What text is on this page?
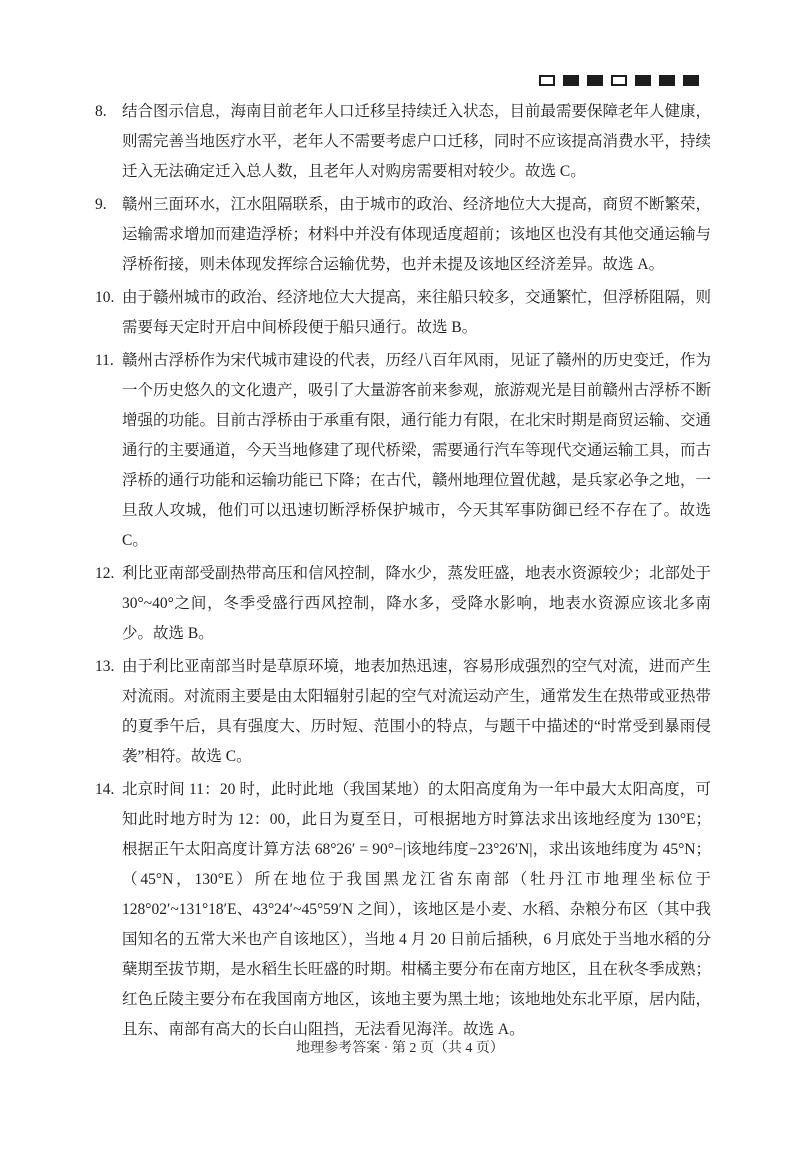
8. 结合图示信息，海南目前老年人口迁移呈持续迁入状态，目前最需要保障老年人健康，则需完善当地医疗水平，老年人不需要考虑户口迁移，同时不应该提高消费水平，持续迁入无法确定迁入总人数，且老年人对购房需要相对较少。故选 C。

9. 赣州三面环水，江水阻隔联系，由于城市的政治、经济地位大大提高，商贸不断繁荣，运输需求增加而建造浮桥；材料中并没有体现适度超前；该地区也没有其他交通运输与浮桥衔接，则未体现发挥综合运输优势，也并未提及该地区经济差异。故选 A。

10. 由于赣州城市的政治、经济地位大大提高，来往船只较多，交通繁忙，但浮桥阻隔，则需要每天定时开启中间桥段便于船只通行。故选 B。

11. 赣州古浮桥作为宋代城市建设的代表，历经八百年风雨，见证了赣州的历史变迁，作为一个历史悠久的文化遗产，吸引了大量游客前来参观，旅游观光是目前赣州古浮桥不断增强的功能。目前古浮桥由于承重有限，通行能力有限，在北宋时期是商贸运输、交通通行的主要通道，今天当地修建了现代桥梁，需要通行汽车等现代交通运输工具，而古浮桥的通行功能和运输功能已下降；在古代，赣州地理位置优越，是兵家必争之地，一旦敌人攻城，他们可以迅速切断浮桥保护城市，今天其军事防御已经不存在了。故选 C。

12. 利比亚南部受副热带高压和信风控制，降水少，蒸发旺盛，地表水资源较少；北部处于 30°~40°之间，冬季受盛行西风控制，降水多，受降水影响，地表水资源应该北多南少。故选 B。

13. 由于利比亚南部当时是草原环境，地表加热迅速，容易形成强烈的空气对流，进而产生对流雨。对流雨主要是由太阳辐射引起的空气对流运动产生，通常发生在热带或亚热带的夏季午后，具有强度大、历时短、范围小的特点，与题干中描述的“时常受到暴雨侵袭”相符。故选 C。

14. 北京时间 11：20 时，此时此地（我国某地）的太阳高度角为一年中最大太阳高度，可知此时地方时为 12：00，此日为夏至日，可根据地方时算法求出该地经度为 130°E；根据正午太阳高度计算方法 68°26′ = 90°−|该地纬度−23°26′N|，求出该地纬度为 45°N；（45°N，130°E）所在地位于我国黑龙江省东南部（牡丹江市地理坐标位于 128°02′~131°18′E、43°24′~45°59′N 之间），该地区是小麦、水稻、杂粮分布区（其中我国知名的五常大米也产自该地区），当地 4 月 20 日前后插秧，6 月底处于当地水稻的分蘖期至拔节期，是水稻生长旺盛的时期。柑橘主要分布在南方地区，且在秋冬季成熟；红色丘陵主要分布在我国南方地区，该地主要为黑土地；该地地处东北平原，居内陆，且东、南部有高大的长白山阻挡，无法看见海洋。故选 A。

地理参考答案 · 第 2 页（共 4 页）
